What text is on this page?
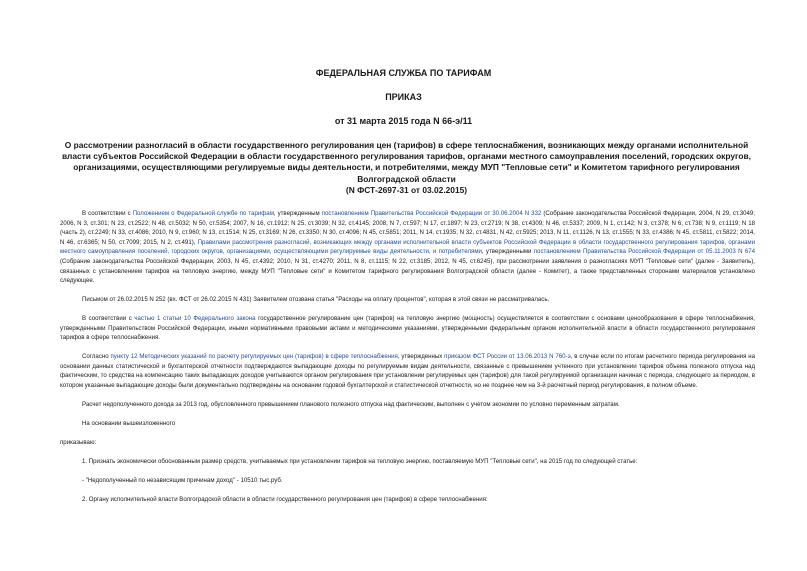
ФЕДЕРАЛЬНАЯ СЛУЖБА ПО ТАРИФАМ
ПРИКАЗ
от 31 марта 2015 года N 66-э/11
О рассмотрении разногласий в области государственного регулирования цен (тарифов) в сфере теплоснабжения, возникающих между органами исполнительной власти субъектов Российской Федерации в области государственного регулирования тарифов, органами местного самоуправления поселений, городских округов, организациями, осуществляющими регулируемые виды деятельности, и потребителями, между МУП "Тепловые сети" и Комитетом тарифного регулирования Волгоградской области
(N ФСТ-2697-31 от 03.02.2015)

В соответствии с Положением о Федеральной службе по тарифам, утвержденным постановлением Правительства Российской Федерации от 30.06.2004 N 332 (Собрание законодательства Российской Федерации, 2004, N 29, ст.3049; 2006, N 3, ст.301; N 23, ст.2522; N 48, ст.5032; N 50, ст.5354; 2007, N 16, ст.1912; N 25, ст.3039; N 32, ст.4145; 2008, N 7, ст.597; N 17, ст.1897; N 23, ст.2719; N 38, ст.4309; N 46, ст.5337; 2009, N 1, ст.142; N 3, ст.378; N 6, ст.738; N 9, ст.1119; N 18 (часть 2), ст.2249; N 33, ст.4086; 2010, N 9, ст.960; N 13, ст.1514; N 25, ст.3169; N 26, ст.3350; N 30, ст.4096; N 45, ст.5851; 2011, N 14, ст.1935; N 32, ст.4831, N 42, ст.5925; 2013, N 11, ст.1126, N 13, ст.1555; N 33, ст.4386; N 45, ст.5811, ст.5822; 2014, N 46, ст.6365; N 50, ст.7099; 2015, N 2, ст.491), Правилами рассмотрения разногласий, возникающих между органами исполнительной власти субъектов Российской Федерации в области государственного регулирования тарифов, органами местного самоуправления поселений, городских округов, организациями, осуществляющими регулируемые виды деятельности, и потребителями, утвержденными постановлением Правительства Российской Федерации от 05.11.2003 N 674 (Собрание законодательства Российской Федерации, 2003, N 45, ст.4392; 2010, N 31, ст.4270; 2011, N 8, ст.1115; N 22, ст.3185; 2012, N 45, ст.6245), при рассмотрении заявления о разногласиях МУП "Тепловые сети" (далее - Заявитель), связанных с установлением тарифов на тепловую энергию, между МУП "Тепловые сети" и Комитетом тарифного регулирования Волгоградской области (далее - Комитет), а также представленных сторонами материалов установлено следующее.

Письмом от 26.02.2015 N 252 (вх. ФСТ от 26.02.2015 N 431) Заявителем отозвана статья "Расходы на оплату процентов", которая в этой связи не рассматривалась.

В соответствии с частью 1 статьи 10 Федерального закона государственное регулирование цен (тарифов) на тепловую энергию (мощность) осуществляется в соответствии с основами ценообразования в сфере теплоснабжения, утвержденными Правительством Российской Федерации, иными нормативными правовыми актами и методическими указаниями, утвержденными федеральным органом исполнительной власти в области государственного регулирования тарифов в сфере теплоснабжения.

Согласно пункту 12 Методических указаний по расчету регулируемых цен (тарифов) в сфере теплоснабжения, утвержденных приказом ФСТ России от 13.06.2013 N 760-э, в случае если по итогам расчетного периода регулирования на основании данных статистической и бухгалтерской отчетности подтверждаются выпадающие доходы по регулируемым видам деятельности, связанные с превышением учтенного при установлении тарифов объема полезного отпуска над фактическим, то средства на компенсацию таких выпадающих доходов учитываются органом регулирования при установлении регулируемых цен (тарифов) для такой регулируемой организации начиная с периода, следующего за периодом, в котором указанные выпадающие доходы были документально подтверждены на основании годовой бухгалтерской и статистической отчетности, но не позднее чем на 3-й расчетный период регулирования, в полном объеме.

Расчет недополученного дохода за 2013 год, обусловленного превышением планового полезного отпуска над фактическим, выполнен с учетом экономии по условно переменным затратам.

На основании вышеизложенного

приказываю:

1. Признать экономически обоснованным размер средств, учитываемых при установлении тарифов на тепловую энергию, поставляемую МУП "Тепловые сети", на 2015 год по следующей статье:

- "Недополученный по независящим причинам доход" - 10510 тыс.руб.

2. Органу исполнительной власти Волгоградской области в области государственного регулирования цен (тарифов) в сфере теплоснабжения:
